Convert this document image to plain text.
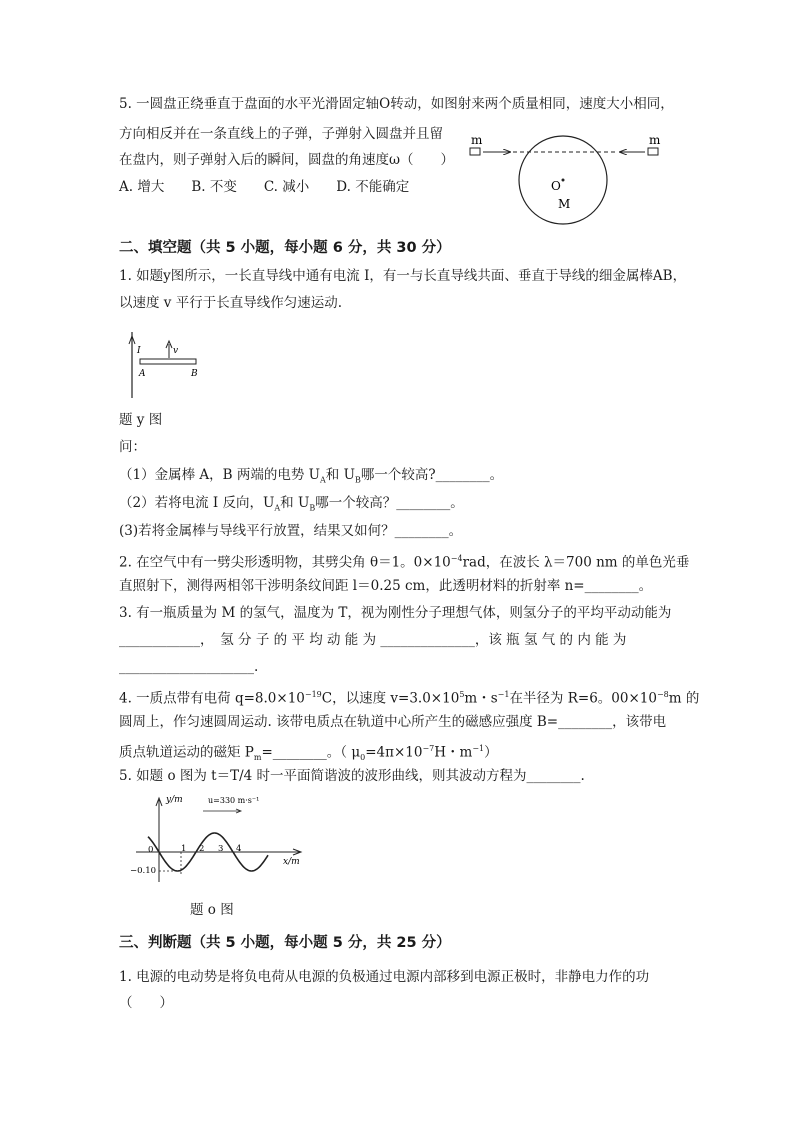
5. 一圆盘正绕垂直于盘面的水平光滑固定轴O转动，如图射来两个质量相同，速度大小相同，
方向相反并在一条直线上的子弹，子弹射入圆盘并且留
在盘内，则子弹射入后的瞬间，圆盘的角速度ω（　　）
A. 增大　　B. 不变　　C. 减小　　D. 不能确定
m	m
O
M
二、填空题（共 5 小题，每小题 6 分，共 30 分）
1. 如题y图所示，一长直导线中通有电流 I，有一与长直导线共面、垂直于导线的细金属棒AB，
以速度 v 平行于长直导线作匀速运动.
I	v
A	B
题 y 图
问：
（1）金属棒 A，B 两端的电势 $U_A$和 $U_B$哪一个较高?________。
（2）若将电流 I 反向，$U_A$和 $U_B$哪一个较高？________。
(3)若将金属棒与导线平行放置，结果又如何？________。
2. 在空气中有一劈尖形透明物，其劈尖角 θ＝1。$0\times 10^{-4}rad$，在波长 λ＝700 nm 的单色光垂
直照射下，测得两相邻干涉明条纹间距 l＝0.25 cm，此透明材料的折射率 n=________。
3. 有一瓶质量为 M 的氢气，温度为 T，视为刚性分子理想气体，则氢分子的平均平动动能为
____________，　氢 分 子 的 平 均 动 能 为 ______________，该 瓶 氢 气 的 内 能 为
____________________.
4. 一质点带有电荷 $q=8.0\times 10^{-19}C$，以速度 $v=3.0\times 10^5m$・$s^{-1}$在半径为 R=6。$00\times 10^{-8}m$ 的
圆周上，作匀速圆周运动. 该带电质点在轨道中心所产生的磁感应强度 B=________，该带电
质点轨道运动的磁矩 $P_m=\_\_\_\_\_\_\_\_$。（ $\mu_0=4\pi\times 10^{-7}H$・$m^{-1}$）
5. 如题 o 图为 t＝T/4 时一平面简谐波的波形曲线，则其波动方程为________.
y/m
x/m
u=330 m·s⁻¹
0
−0.10
1 2 3 4
题 o 图
三、判断题（共 5 小题，每小题 5 分，共 25 分）
1. 电源的电动势是将负电荷从电源的负极通过电源内部移到电源正极时，非静电力作的功
（　　）
